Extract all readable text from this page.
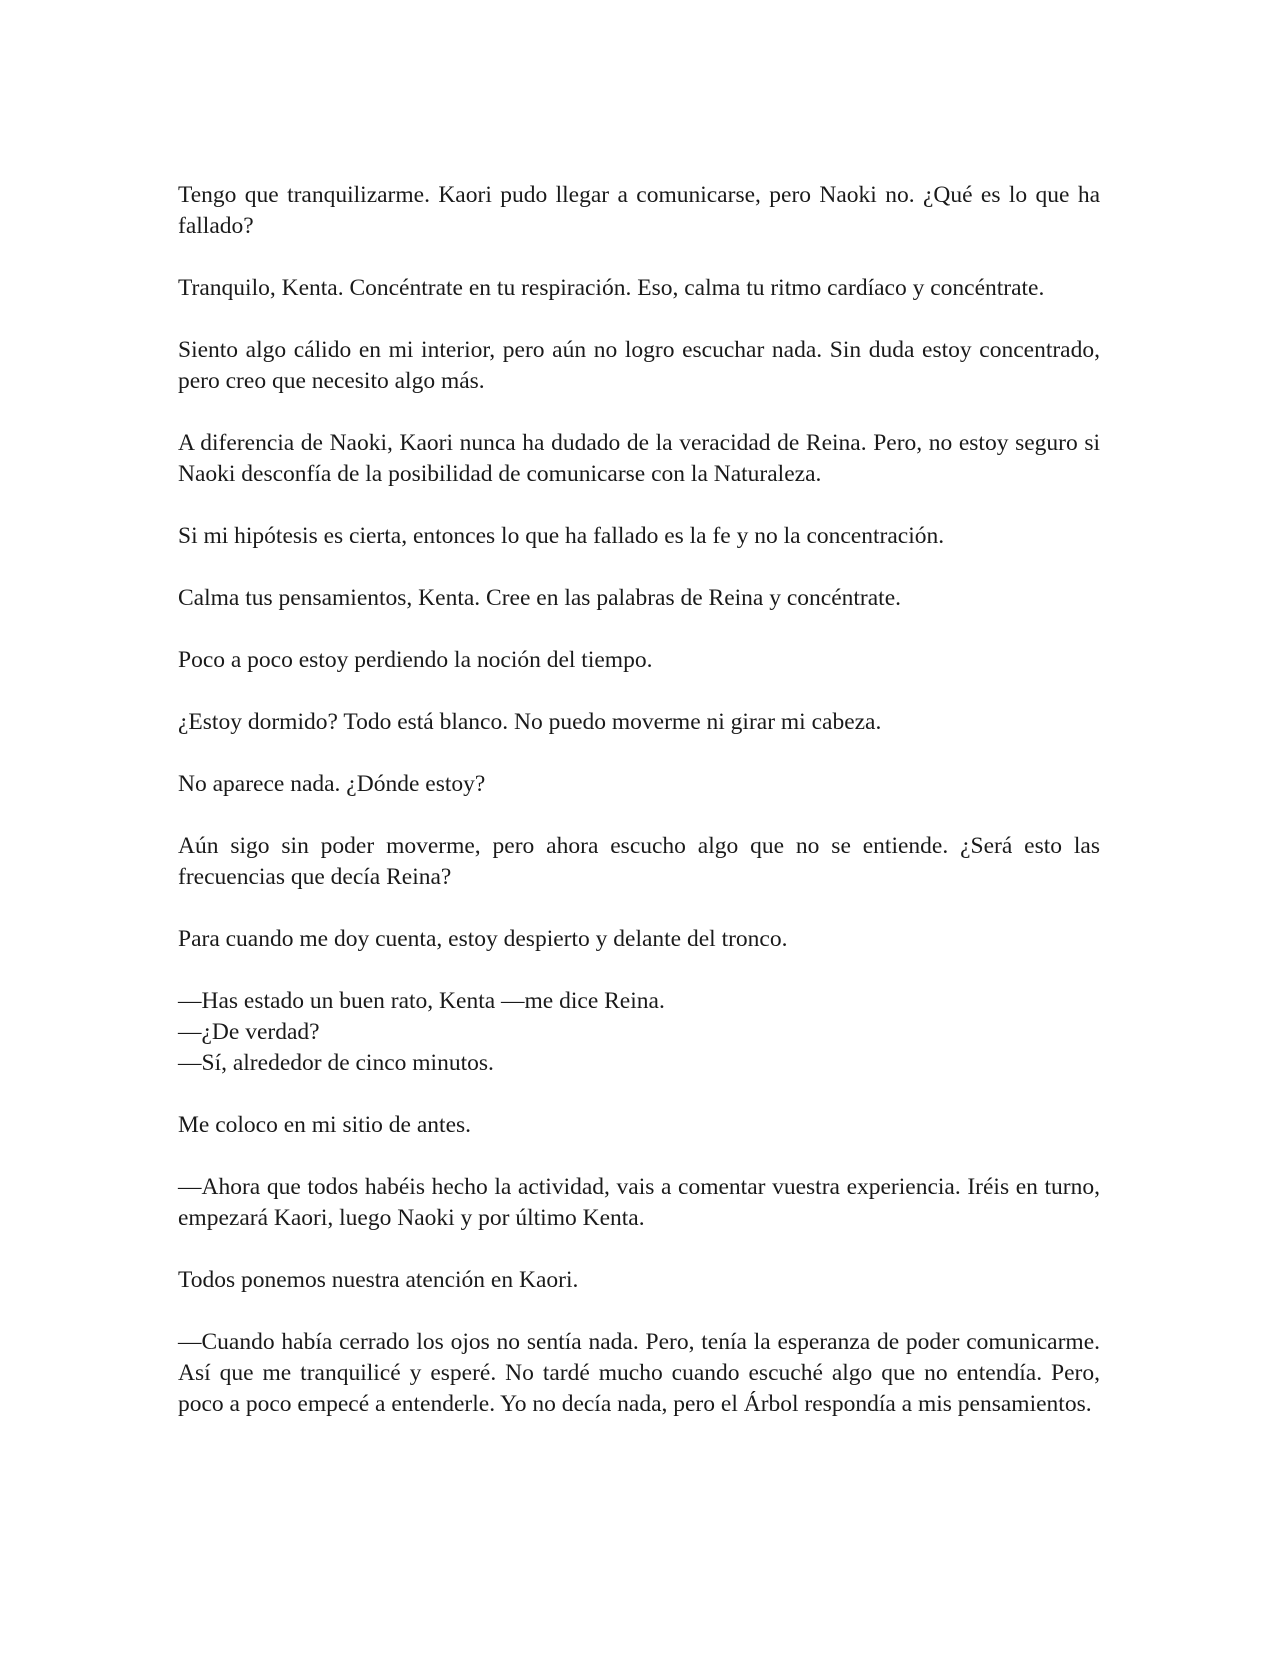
Tengo que tranquilizarme. Kaori pudo llegar a comunicarse, pero Naoki no. ¿Qué es lo que ha fallado?

Tranquilo, Kenta. Concéntrate en tu respiración. Eso, calma tu ritmo cardíaco y concéntrate.

Siento algo cálido en mi interior, pero aún no logro escuchar nada. Sin duda estoy concentrado, pero creo que necesito algo más.

A diferencia de Naoki, Kaori nunca ha dudado de la veracidad de Reina. Pero, no estoy seguro si Naoki desconfía de la posibilidad de comunicarse con la Naturaleza.

Si mi hipótesis es cierta, entonces lo que ha fallado es la fe y no la concentración.

Calma tus pensamientos, Kenta. Cree en las palabras de Reina y concéntrate.

Poco a poco estoy perdiendo la noción del tiempo.

¿Estoy dormido? Todo está blanco. No puedo moverme ni girar mi cabeza.

No aparece nada. ¿Dónde estoy?

Aún sigo sin poder moverme, pero ahora escucho algo que no se entiende. ¿Será esto las frecuencias que decía Reina?

Para cuando me doy cuenta, estoy despierto y delante del tronco.

—Has estado un buen rato, Kenta —me dice Reina.
—¿De verdad?
—Sí, alrededor de cinco minutos.

Me coloco en mi sitio de antes.

—Ahora que todos habéis hecho la actividad, vais a comentar vuestra experiencia. Iréis en turno, empezará Kaori, luego Naoki y por último Kenta.

Todos ponemos nuestra atención en Kaori.

—Cuando había cerrado los ojos no sentía nada. Pero, tenía la esperanza de poder comunicarme. Así que me tranquilicé y esperé. No tardé mucho cuando escuché algo que no entendía. Pero, poco a poco empecé a entenderle. Yo no decía nada, pero el Árbol respondía a mis pensamientos.
